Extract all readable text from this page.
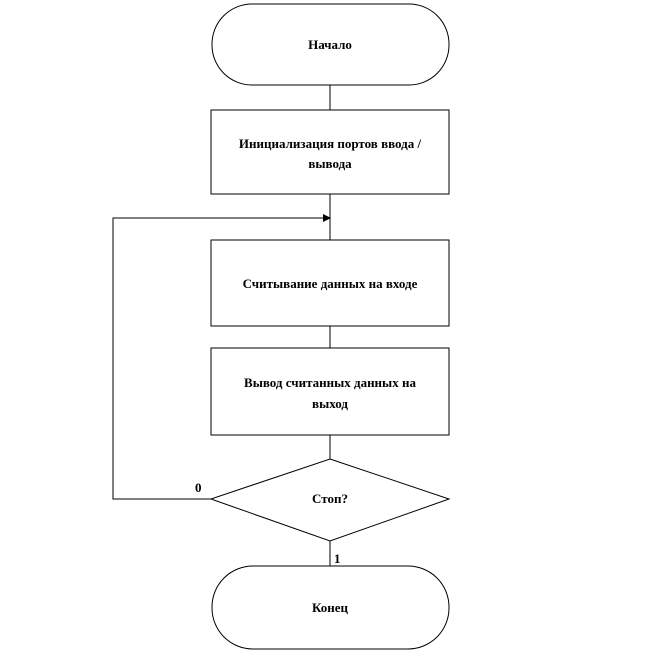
Начало
Инициализация портов ввода /
вывода
Считывание данных на входе
Вывод считанных данных на
выход
Стоп?
0
1
Конец
